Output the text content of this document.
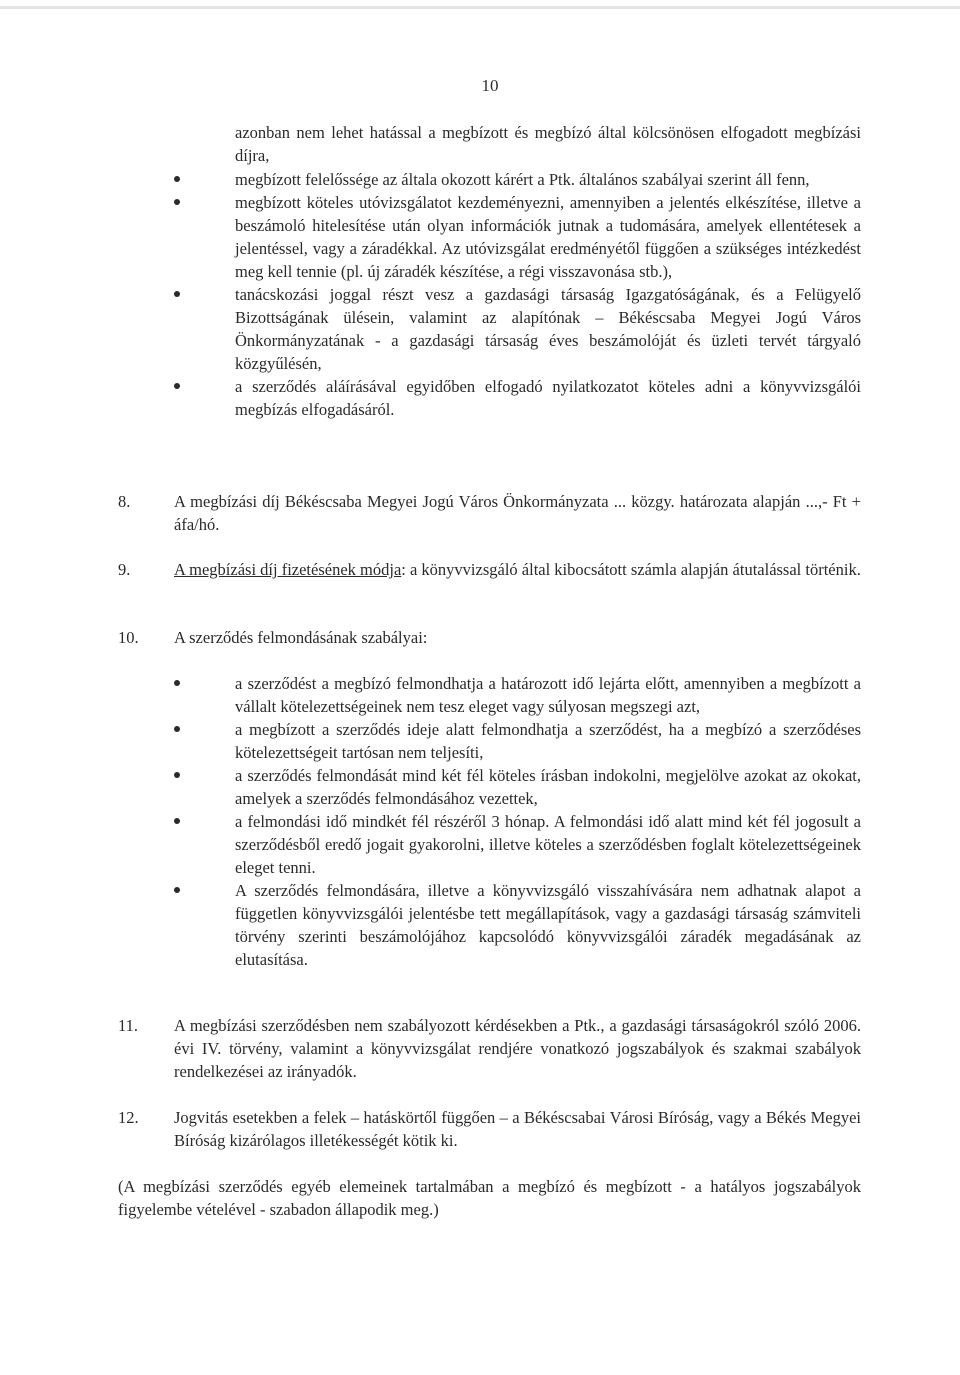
10
azonban nem lehet hatással a megbízott és megbízó által kölcsönösen elfogadott megbízási díjra,
megbízott felelőssége az általa okozott kárért a Ptk. általános szabályai szerint áll fenn,
megbízott köteles utóvizsgálatot kezdeményezni, amennyiben a jelentés elkészítése, illetve a beszámoló hitelesítése után olyan információk jutnak a tudomására, amelyek ellentétesek a jelentéssel, vagy a záradékkal. Az utóvizsgálat eredményétől függően a szükséges intézkedést meg kell tennie (pl. új záradék készítése, a régi visszavonása stb.),
tanácskozási joggal részt vesz a gazdasági társaság Igazgatóságának, és a Felügyelő Bizottságának ülésein, valamint az alapítónak – Békéscsaba Megyei Jogú Város Önkormányzatának - a gazdasági társaság éves beszámolóját és üzleti tervét tárgyaló közgyűlésén,
a szerződés aláírásával egyidőben elfogadó nyilatkozatot köteles adni a könyvvizsgálói megbízás elfogadásáról.
8.	A megbízási díj Békéscsaba Megyei Jogú Város Önkormányzata ... közgy. határozata alapján ...,- Ft + áfa/hó.
9.	A megbízási díj fizetésének módja: a könyvvizsgáló által kibocsátott számla alapján átutalással történik.
10. A szerződés felmondásának szabályai:
a szerződést a megbízó felmondhatja a határozott idő lejárta előtt, amennyiben a megbízott a vállalt kötelezettségeinek nem tesz eleget vagy súlyosan megszegi azt,
a megbízott a szerződés ideje alatt felmondhatja a szerződést, ha a megbízó a szerződéses kötelezettségeit tartósan nem teljesíti,
a szerződés felmondását mind két fél köteles írásban indokolni, megjelölve azokat az okokat, amelyek a szerződés felmondásához vezettek,
a felmondási idő mindkét fél részéről 3 hónap. A felmondási idő alatt mind két fél jogosult a szerződésből eredő jogait gyakorolni, illetve köteles a szerződésben foglalt kötelezettségeinek eleget tenni.
A szerződés felmondására, illetve a könyvvizsgáló visszahívására nem adhatnak alapot a független könyvvizsgálói jelentésbe tett megállapítások, vagy a gazdasági társaság számviteli törvény szerinti beszámolójához kapcsolódó könyvvizsgálói záradék megadásának az elutasítása.
11. A megbízási szerződésben nem szabályozott kérdésekben a Ptk., a gazdasági társaságokról szóló 2006. évi IV. törvény, valamint a könyvvizsgálat rendjére vonatkozó jogszabályok és szakmai szabályok rendelkezései az irányadók.
12. Jogvitás esetekben a felek – hatáskörtől függően – a Békéscsabai Városi Bíróság, vagy a Békés Megyei Bíróság kizárólagos illetékességét kötik ki.
(A megbízási szerződés egyéb elemeinek tartalmában a megbízó és megbízott - a hatályos jogszabályok figyelembe vételével - szabadon állapodik meg.)
